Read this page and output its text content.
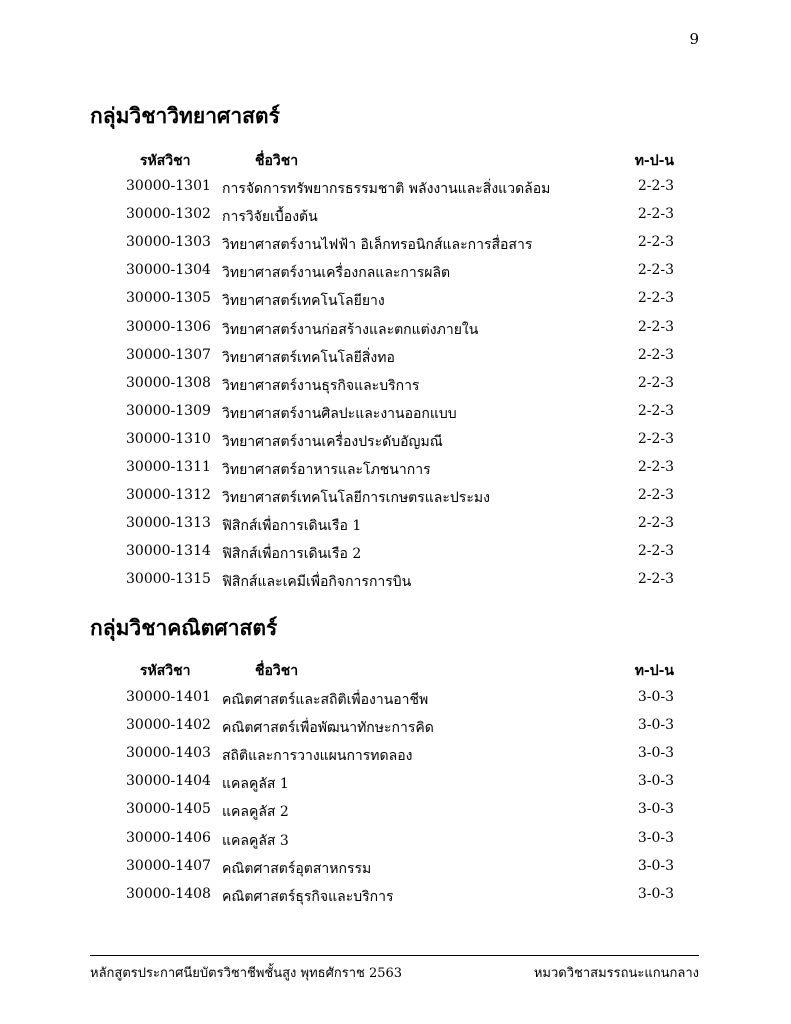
9
กลุ่มวิชาวิทยาศาสตร์
รหัสวิชา	ชื่อวิชา	ท-ป-น
30000-1301 การจัดการทรัพยากรธรรมชาติ พลังงานและสิ่งแวดล้อม	2-2-3
30000-1302 การวิจัยเบื้องต้น	2-2-3
30000-1303 วิทยาศาสตร์งานไฟฟ้า อิเล็กทรอนิกส์และการสื่อสาร	2-2-3
30000-1304 วิทยาศาสตร์งานเครื่องกลและการผลิต	2-2-3
30000-1305 วิทยาศาสตร์เทคโนโลยียาง	2-2-3
30000-1306 วิทยาศาสตร์งานก่อสร้างและตกแต่งภายใน	2-2-3
30000-1307 วิทยาศาสตร์เทคโนโลยีสิ่งทอ	2-2-3
30000-1308 วิทยาศาสตร์งานธุรกิจและบริการ	2-2-3
30000-1309 วิทยาศาสตร์งานศิลปะและงานออกแบบ	2-2-3
30000-1310 วิทยาศาสตร์งานเครื่องประดับอัญมณี	2-2-3
30000-1311 วิทยาศาสตร์อาหารและโภชนาการ	2-2-3
30000-1312 วิทยาศาสตร์เทคโนโลยีการเกษตรและประมง	2-2-3
30000-1313 ฟิสิกส์เพื่อการเดินเรือ 1	2-2-3
30000-1314 ฟิสิกส์เพื่อการเดินเรือ 2	2-2-3
30000-1315 ฟิสิกส์และเคมีเพื่อกิจการการบิน	2-2-3
กลุ่มวิชาคณิตศาสตร์
รหัสวิชา	ชื่อวิชา	ท-ป-น
30000-1401 คณิตศาสตร์และสถิติเพื่องานอาชีพ	3-0-3
30000-1402 คณิตศาสตร์เพื่อพัฒนาทักษะการคิด	3-0-3
30000-1403 สถิติและการวางแผนการทดลอง	3-0-3
30000-1404 แคลคูลัส 1	3-0-3
30000-1405 แคลคูลัส 2	3-0-3
30000-1406 แคลคูลัส 3	3-0-3
30000-1407 คณิตศาสตร์อุตสาหกรรม	3-0-3
30000-1408 คณิตศาสตร์ธุรกิจและบริการ	3-0-3
หลักสูตรประกาศนียบัตรวิชาชีพชั้นสูง พุทธศักราช 2563	หมวดวิชาสมรรถนะแกนกลาง
